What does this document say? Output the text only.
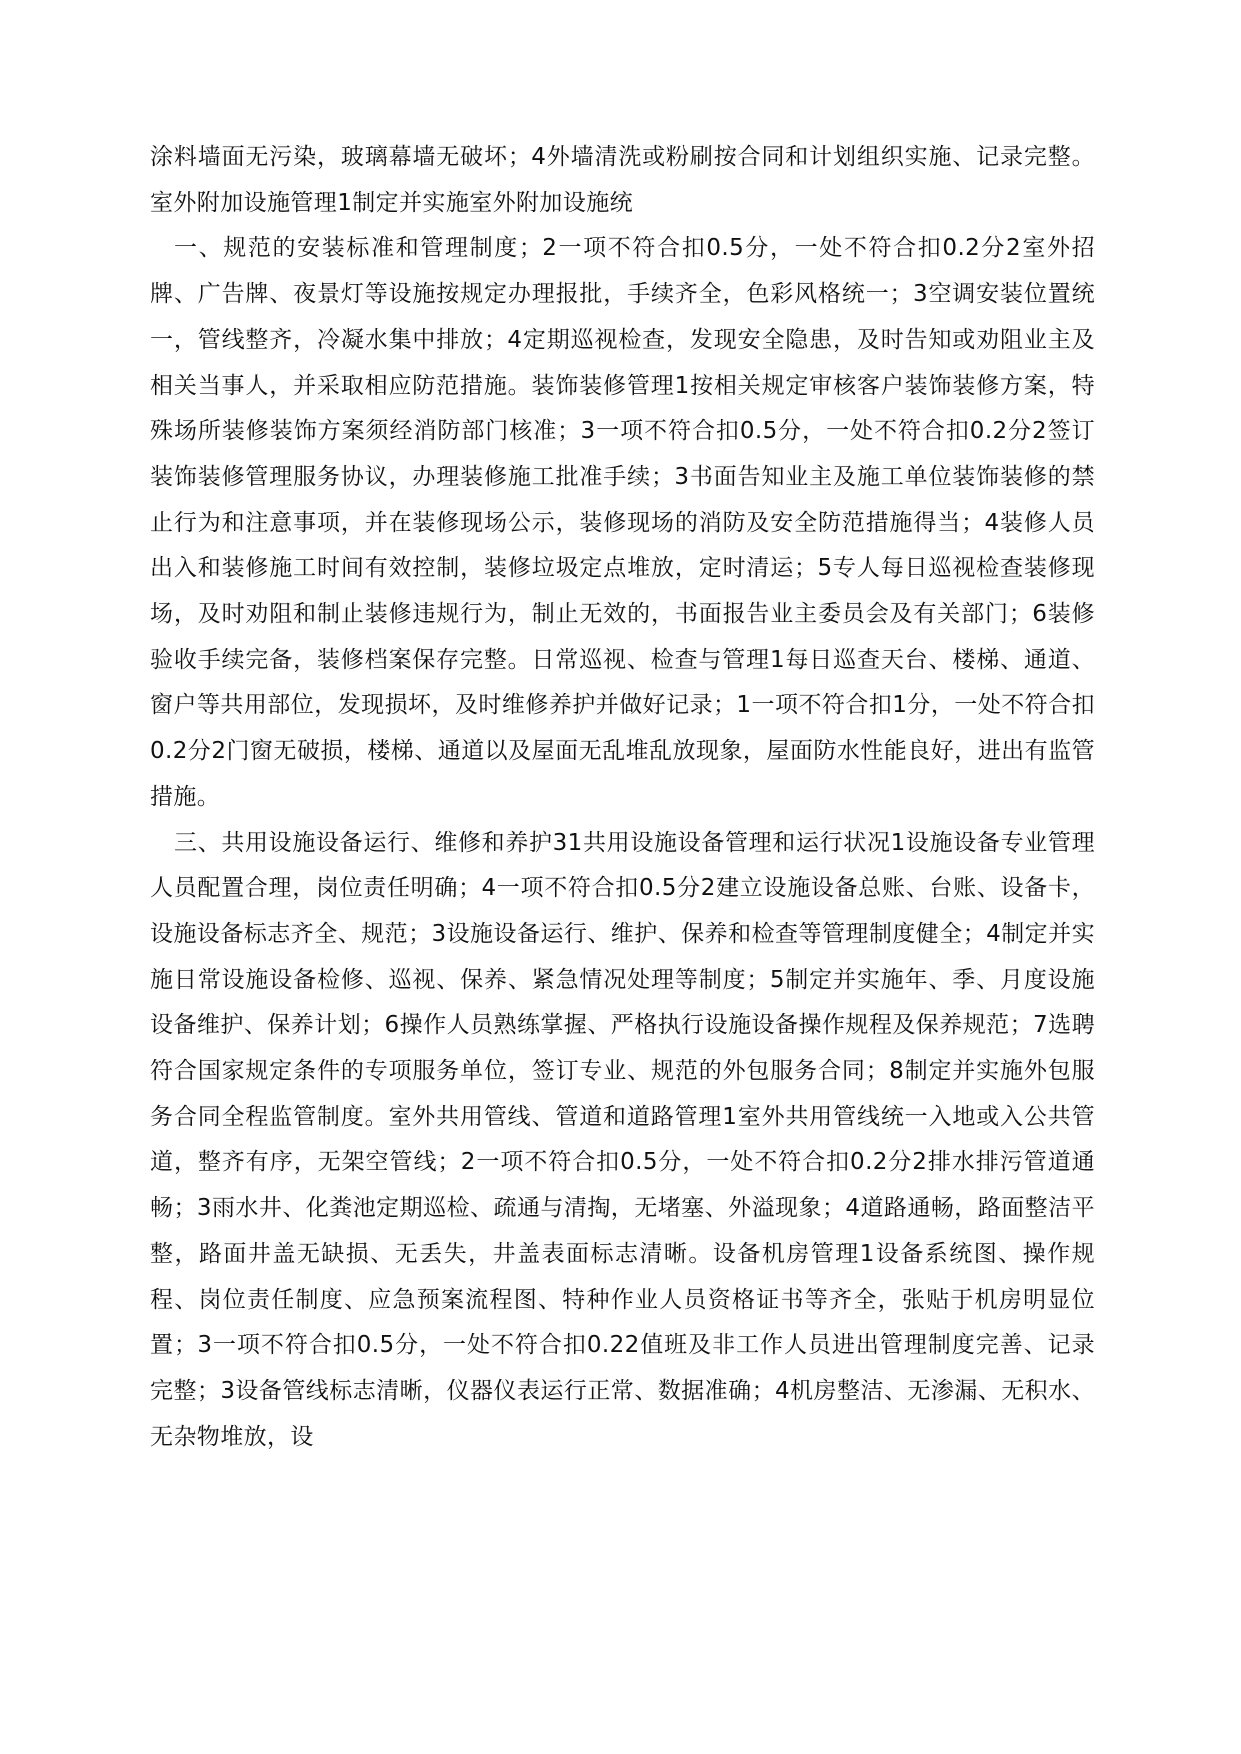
涂料墙面无污染，玻璃幕墙无破坏；4外墙清洗或粉刷按合同和计划组织实施、记录完整。室外附加设施管理1制定并实施室外附加设施统

一、规范的安装标准和管理制度；2一项不符合扣0.5分，一处不符合扣0.2分2室外招牌、广告牌、夜景灯等设施按规定办理报批，手续齐全，色彩风格统一；3空调安装位置统一，管线整齐，冷凝水集中排放；4定期巡视检查，发现安全隐患，及时告知或劝阻业主及相关当事人，并采取相应防范措施。装饰装修管理1按相关规定审核客户装饰装修方案，特殊场所装修装饰方案须经消防部门核准；3一项不符合扣0.5分，一处不符合扣0.2分2签订装饰装修管理服务协议，办理装修施工批准手续；3书面告知业主及施工单位装饰装修的禁止行为和注意事项，并在装修现场公示，装修现场的消防及安全防范措施得当；4装修人员出入和装修施工时间有效控制，装修垃圾定点堆放，定时清运；5专人每日巡视检查装修现场，及时劝阻和制止装修违规行为，制止无效的，书面报告业主委员会及有关部门；6装修验收手续完备，装修档案保存完整。日常巡视、检查与管理1每日巡查天台、楼梯、通道、窗户等共用部位，发现损坏，及时维修养护并做好记录；1一项不符合扣1分，一处不符合扣0.2分2门窗无破损，楼梯、通道以及屋面无乱堆乱放现象，屋面防水性能良好，进出有监管措施。

三、共用设施设备运行、维修和养护31共用设施设备管理和运行状况1设施设备专业管理人员配置合理，岗位责任明确；4一项不符合扣0.5分2建立设施设备总账、台账、设备卡，设施设备标志齐全、规范；3设施设备运行、维护、保养和检查等管理制度健全；4制定并实施日常设施设备检修、巡视、保养、紧急情况处理等制度；5制定并实施年、季、月度设施设备维护、保养计划；6操作人员熟练掌握、严格执行设施设备操作规程及保养规范；7选聘符合国家规定条件的专项服务单位，签订专业、规范的外包服务合同；8制定并实施外包服务合同全程监管制度。室外共用管线、管道和道路管理1室外共用管线统一入地或入公共管道，整齐有序，无架空管线；2一项不符合扣0.5分，一处不符合扣0.2分2排水排污管道通畅；3雨水井、化粪池定期巡检、疏通与清掏，无堵塞、外溢现象；4道路通畅，路面整洁平整，路面井盖无缺损、无丢失，井盖表面标志清晰。设备机房管理1设备系统图、操作规程、岗位责任制度、应急预案流程图、特种作业人员资格证书等齐全，张贴于机房明显位置；3一项不符合扣0.5分，一处不符合扣0.22值班及非工作人员进出管理制度完善、记录完整；3设备管线标志清晰，仪器仪表运行正常、数据准确；4机房整洁、无渗漏、无积水、无杂物堆放，设
